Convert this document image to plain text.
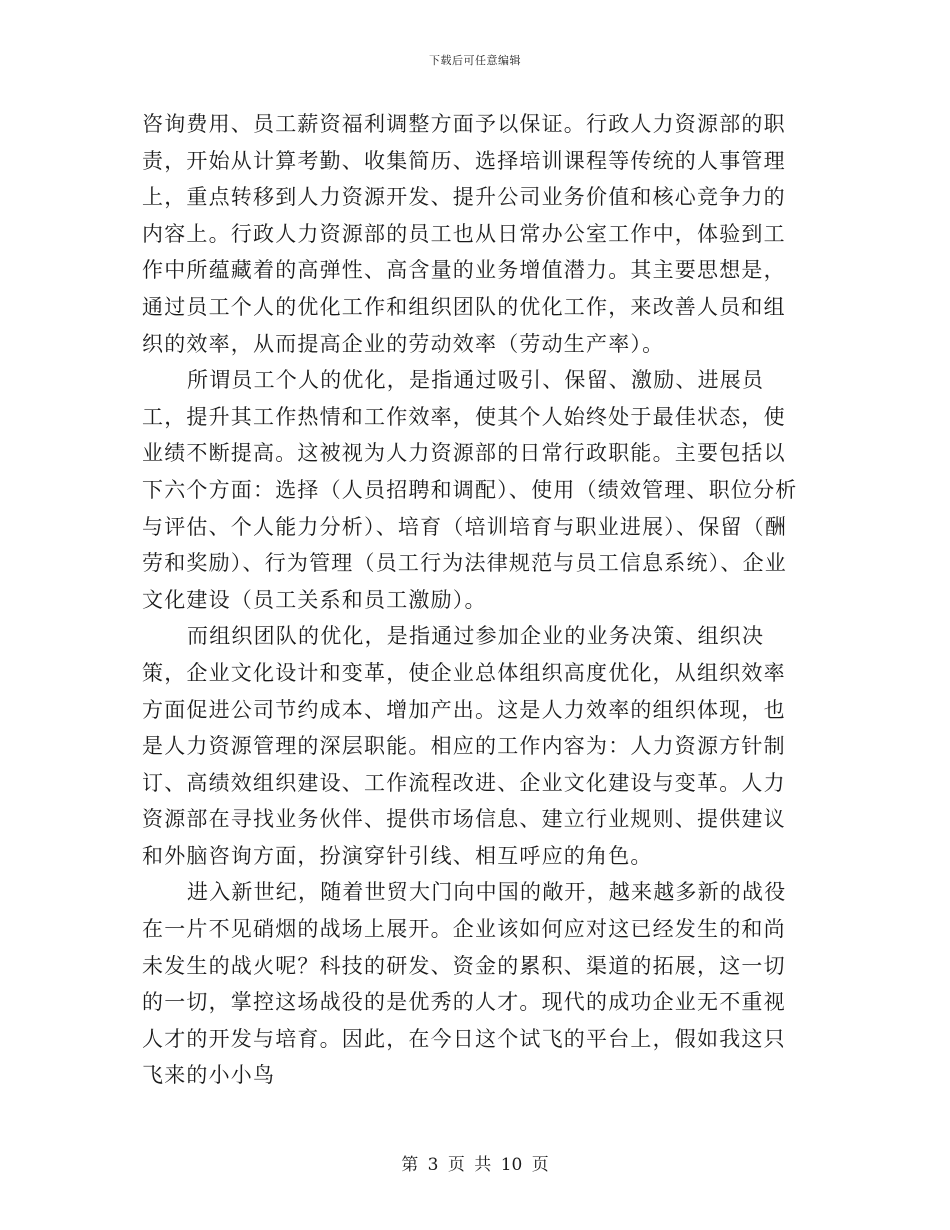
下载后可任意编辑

咨询费用、员工薪资福利调整方面予以保证。行政人力资源部的职责，开始从计算考勤、收集简历、选择培训课程等传统的人事管理上，重点转移到人力资源开发、提升公司业务价值和核心竞争力的内容上。行政人力资源部的员工也从日常办公室工作中，体验到工作中所蕴藏着的高弹性、高含量的业务增值潜力。其主要思想是，通过员工个人的优化工作和组织团队的优化工作，来改善人员和组织的效率，从而提高企业的劳动效率（劳动生产率）。

所谓员工个人的优化，是指通过吸引、保留、激励、进展员工，提升其工作热情和工作效率，使其个人始终处于最佳状态，使业绩不断提高。这被视为人力资源部的日常行政职能。主要包括以下六个方面：选择（人员招聘和调配）、使用（绩效管理、职位分析与评估、个人能力分析）、培育（培训培育与职业进展）、保留（酬劳和奖励）、行为管理（员工行为法律规范与员工信息系统）、企业文化建设（员工关系和员工激励）。

而组织团队的优化，是指通过参加企业的业务决策、组织决策，企业文化设计和变革，使企业总体组织高度优化，从组织效率方面促进公司节约成本、增加产出。这是人力效率的组织体现，也是人力资源管理的深层职能。相应的工作内容为：人力资源方针制订、高绩效组织建设、工作流程改进、企业文化建设与变革。人力资源部在寻找业务伙伴、提供市场信息、建立行业规则、提供建议和外脑咨询方面，扮演穿针引线、相互呼应的角色。

进入新世纪，随着世贸大门向中国的敞开，越来越多新的战役在一片不见硝烟的战场上展开。企业该如何应对这已经发生的和尚未发生的战火呢？科技的研发、资金的累积、渠道的拓展，这一切的一切，掌控这场战役的是优秀的人才。现代的成功企业无不重视人才的开发与培育。因此，在今日这个试飞的平台上，假如我这只飞来的小小鸟

第 3 页 共 10 页
